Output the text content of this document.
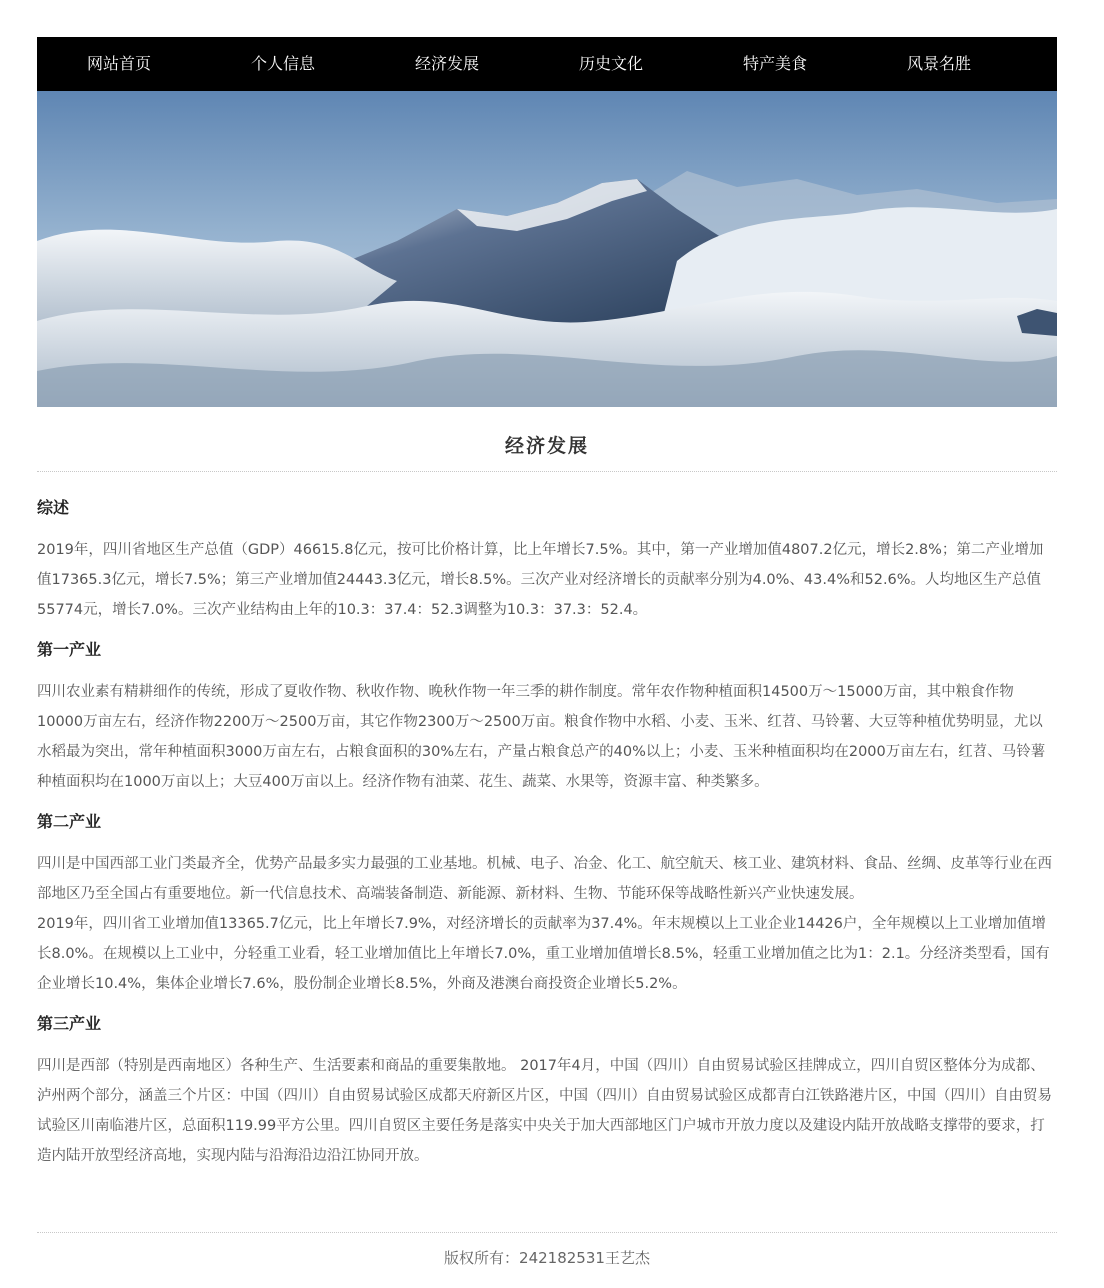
网站首页	个人信息	经济发展	历史文化	特产美食	风景名胜
经济发展
综述

2019年，四川省地区生产总值（GDP）46615.8亿元，按可比价格计算，比上年增长7.5%。其中，第一产业增加值4807.2亿元，增长2.8%；第二产业增加值17365.3亿元，增长7.5%；第三产业增加值24443.3亿元，增长8.5%。三次产业对经济增长的贡献率分别为4.0%、43.4%和52.6%。人均地区生产总值55774元，增长7.0%。三次产业结构由上年的10.3：37.4：52.3调整为10.3：37.3：52.4。

第一产业

四川农业素有精耕细作的传统，形成了夏收作物、秋收作物、晚秋作物一年三季的耕作制度。常年农作物种植面积14500万～15000万亩，其中粮食作物10000万亩左右，经济作物2200万～2500万亩，其它作物2300万～2500万亩。粮食作物中水稻、小麦、玉米、红苕、马铃薯、大豆等种植优势明显，尤以水稻最为突出，常年种植面积3000万亩左右，占粮食面积的30%左右，产量占粮食总产的40%以上；小麦、玉米种植面积均在2000万亩左右，红苕、马铃薯种植面积均在1000万亩以上；大豆400万亩以上。经济作物有油菜、花生、蔬菜、水果等，资源丰富、种类繁多。

第二产业

四川是中国西部工业门类最齐全，优势产品最多实力最强的工业基地。机械、电子、冶金、化工、航空航天、核工业、建筑材料、食品、丝绸、皮革等行业在西部地区乃至全国占有重要地位。新一代信息技术、高端装备制造、新能源、新材料、生物、节能环保等战略性新兴产业快速发展。

2019年，四川省工业增加值13365.7亿元，比上年增长7.9%，对经济增长的贡献率为37.4%。年末规模以上工业企业14426户，全年规模以上工业增加值增长8.0%。在规模以上工业中，分轻重工业看，轻工业增加值比上年增长7.0%，重工业增加值增长8.5%，轻重工业增加值之比为1：2.1。分经济类型看，国有企业增长10.4%，集体企业增长7.6%，股份制企业增长8.5%，外商及港澳台商投资企业增长5.2%。

第三产业

四川是西部（特别是西南地区）各种生产、生活要素和商品的重要集散地。 2017年4月，中国（四川）自由贸易试验区挂牌成立，四川自贸区整体分为成都、泸州两个部分，涵盖三个片区：中国（四川）自由贸易试验区成都天府新区片区，中国（四川）自由贸易试验区成都青白江铁路港片区，中国（四川）自由贸易试验区川南临港片区，总面积119.99平方公里。四川自贸区主要任务是落实中央关于加大西部地区门户城市开放力度以及建设内陆开放战略支撑带的要求，打造内陆开放型经济高地，实现内陆与沿海沿边沿江协同开放。

版权所有：242182531王艺杰
